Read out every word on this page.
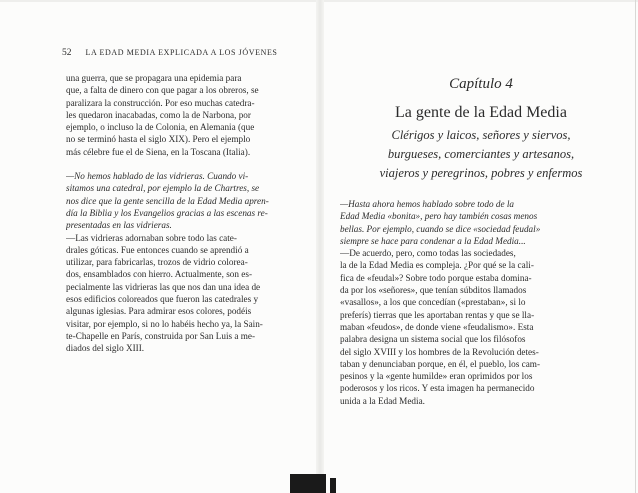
52 LA EDAD MEDIA EXPLICADA A LOS JÓVENES
una guerra, que se propagara una epidemia para
que, a falta de dinero con que pagar a los obreros, se
paralizara la construcción. Por eso muchas catedra-
les quedaron inacabadas, como la de Narbona, por
ejemplo, o incluso la de Colonia, en Alemania (que
no se terminó hasta el siglo XIX). Pero el ejemplo
más célebre fue el de Siena, en la Toscana (Italia).
—No hemos hablado de las vidrieras. Cuando vi-
sitamos una catedral, por ejemplo la de Chartres, se
nos dice que la gente sencilla de la Edad Media apren-
día la Biblia y los Evangelios gracias a las escenas re-
presentadas en las vidrieras.
—Las vidrieras adornaban sobre todo las cate-
drales góticas. Fue entonces cuando se aprendió a
utilizar, para fabricarlas, trozos de vidrio colorea-
dos, ensamblados con hierro. Actualmente, son es-
pecialmente las vidrieras las que nos dan una idea de
esos edificios coloreados que fueron las catedrales y
algunas iglesias. Para admirar esos colores, podéis
visitar, por ejemplo, si no lo habéis hecho ya, la Sain-
te-Chapelle en París, construida por San Luis a me-
diados del siglo XIII.
Capítulo 4
La gente de la Edad Media
Clérigos y laicos, señores y siervos,
burgueses, comerciantes y artesanos,
viajeros y peregrinos, pobres y enfermos
—Hasta ahora hemos hablado sobre todo de la
Edad Media «bonita», pero hay también cosas menos
bellas. Por ejemplo, cuando se dice «sociedad feudal»
siempre se hace para condenar a la Edad Media...
—De acuerdo, pero, como todas las sociedades,
la de la Edad Media es compleja. ¿Por qué se la cali-
fica de «feudal»? Sobre todo porque estaba domina-
da por los «señores», que tenían súbditos llamados
«vasallos», a los que concedían («prestaban», si lo
preferís) tierras que les aportaban rentas y que se lla-
maban «feudos», de donde viene «feudalismo». Esta
palabra designa un sistema social que los filósofos
del siglo XVIII y los hombres de la Revolución detes-
taban y denunciaban porque, en él, el pueblo, los cam-
pesinos y la «gente humilde» eran oprimidos por los
poderosos y los ricos. Y esta imagen ha permanecido
unida a la Edad Media.
